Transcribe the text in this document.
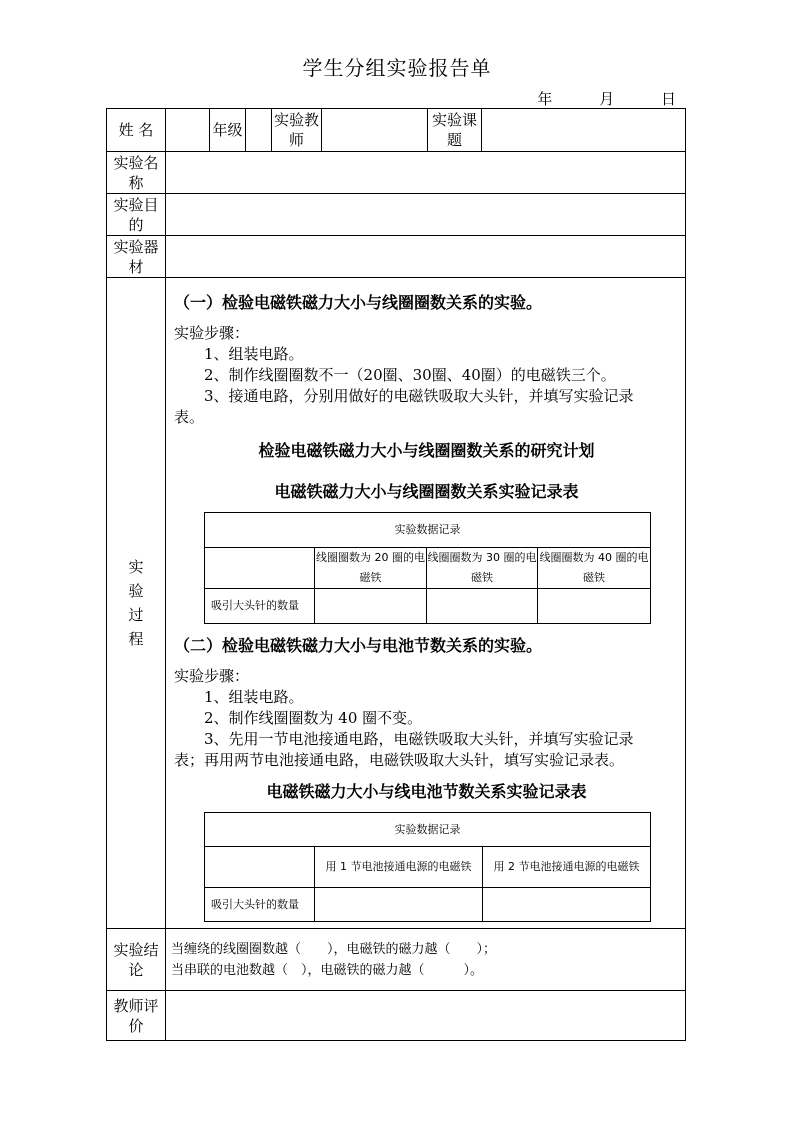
学生分组实验报告单
年	月	日
姓 名		年级		实验教师		实验课题	
实验名称	
实验目的	
实验器材	

实验过程

（一）检验电磁铁磁力大小与线圈圈数关系的实验。
实验步骤：
1、组装电路。
2、制作线圈圈数不一（20圈、30圈、40圈）的电磁铁三个。
3、接通电路，分别用做好的电磁铁吸取大头针，并填写实验记录
表。
检验电磁铁磁力大小与线圈圈数关系的研究计划
电磁铁磁力大小与线圈圈数关系实验记录表
实验数据记录
	线圈圈数为 20 圈的电磁铁	线圈圈数为 30 圈的电磁铁	线圈圈数为 40 圈的电磁铁
吸引大头针的数量			
（二）检验电磁铁磁力大小与电池节数关系的实验。
实验步骤：
1、组装电路。
2、制作线圈圈数为 40 圈不变。
3、先用一节电池接通电路，电磁铁吸取大头针，并填写实验记录
表；再用两节电池接通电路，电磁铁吸取大头针，填写实验记录表。
电磁铁磁力大小与线电池节数关系实验记录表
实验数据记录
	用 1 节电池接通电源的电磁铁	用 2 节电池接通电源的电磁铁
吸引大头针的数量		

实验结论	
当缠绕的线圈圈数越（　　），电磁铁的磁力越（　　）；
当串联的电池数越（　），电磁铁的磁力越（　　　）。

教师评价	
